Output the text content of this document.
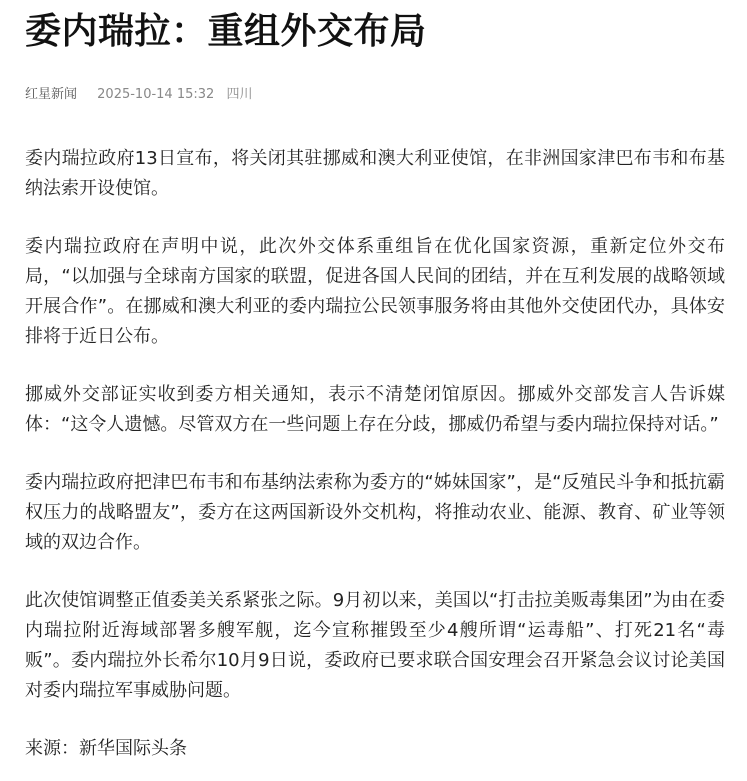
委内瑞拉：重组外交布局
红星新闻 2025-10-14 15:32 四川

委内瑞拉政府13日宣布，将关闭其驻挪威和澳大利亚使馆，在非洲国家津巴布韦和布基纳法索开设使馆。

委内瑞拉政府在声明中说，此次外交体系重组旨在优化国家资源，重新定位外交布局，“以加强与全球南方国家的联盟，促进各国人民间的团结，并在互利发展的战略领域开展合作”。在挪威和澳大利亚的委内瑞拉公民领事服务将由其他外交使团代办，具体安排将于近日公布。

挪威外交部证实收到委方相关通知，表示不清楚闭馆原因。挪威外交部发言人告诉媒体：“这令人遗憾。尽管双方在一些问题上存在分歧，挪威仍希望与委内瑞拉保持对话。”

委内瑞拉政府把津巴布韦和布基纳法索称为委方的“姊妹国家”，是“反殖民斗争和抵抗霸权压力的战略盟友”，委方在这两国新设外交机构，将推动农业、能源、教育、矿业等领域的双边合作。

此次使馆调整正值委美关系紧张之际。9月初以来，美国以“打击拉美贩毒集团”为由在委内瑞拉附近海域部署多艘军舰，迄今宣称摧毁至少4艘所谓“运毒船”、打死21名“毒贩”。委内瑞拉外长希尔10月9日说，委政府已要求联合国安理会召开紧急会议讨论美国对委内瑞拉军事威胁问题。

来源：新华国际头条
